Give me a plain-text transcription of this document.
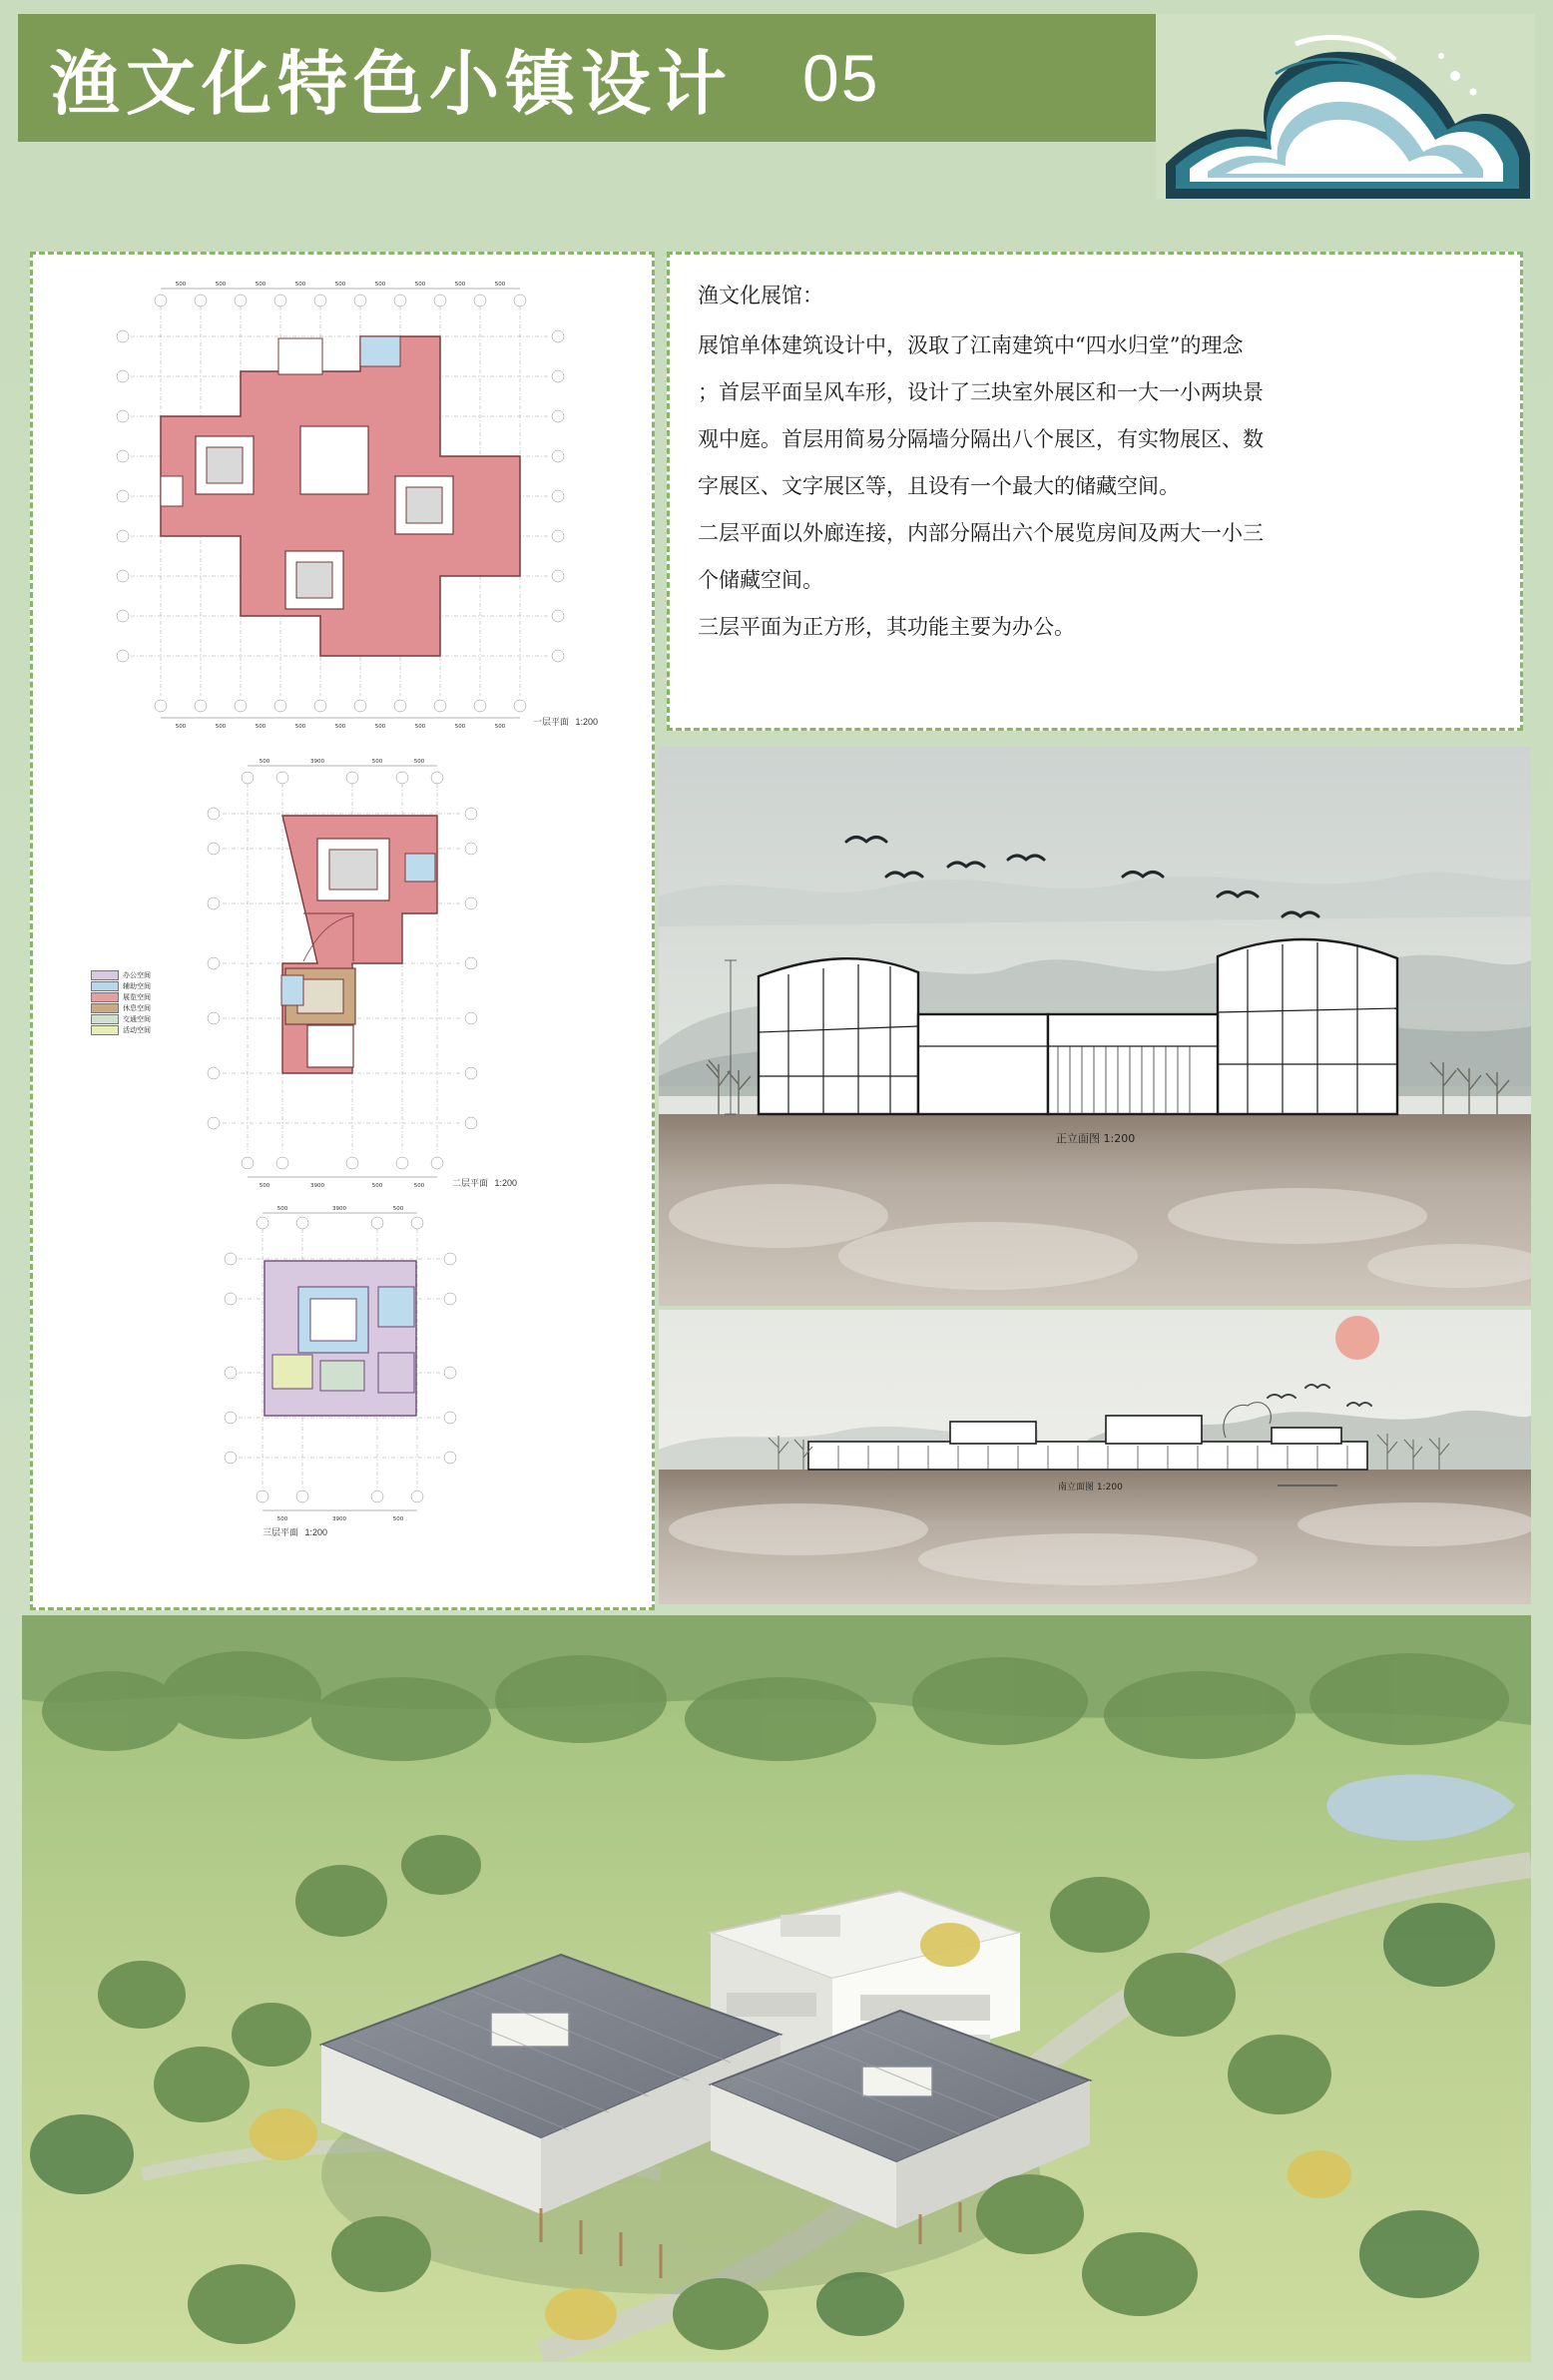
渔文化特色小镇设计 05
500	500	500	500	500	500	500	500	500
500	500	500	500	500	500	500	500	500	一层平面 1:200
办公空间
辅助空间
展览空间
休息空间
交通空间
活动空间
500	3900	500	500
500	3900	500	500	二层平面 1:200
500	3900	500
500	3900	500
三层平面 1:200

渔文化展馆：

展馆单体建筑设计中，汲取了江南建筑中“四水归堂”的理念

；首层平面呈风车形，设计了三块室外展区和一大一小两块景

观中庭。首层用简易分隔墙分隔出八个展区，有实物展区、数

字展区、文字展区等，且设有一个最大的储藏空间。

二层平面以外廊连接，内部分隔出六个展览房间及两大一小三

个储藏空间。

三层平面为正方形，其功能主要为办公。

正立面图 1:200
南立面图 1:200
